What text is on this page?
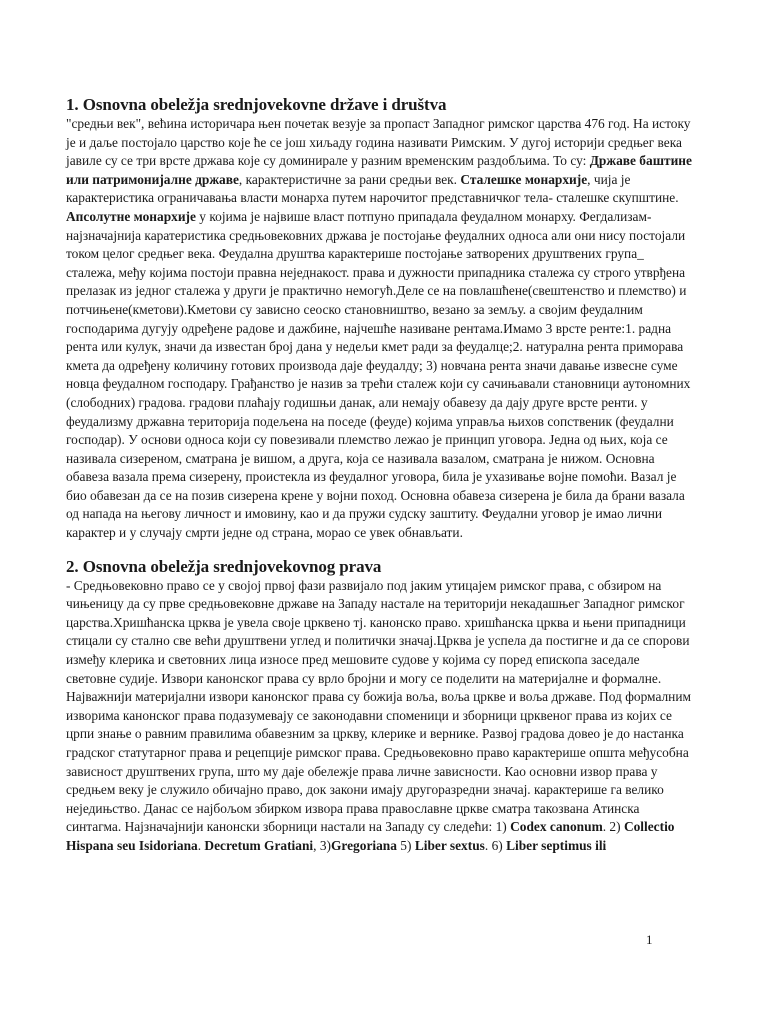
1. Osnovna obeležja srednjovekovne države i društva

"средњи век", већина историчара њен почетак везује за пропаст Западног римског царства 476 год. На истоку је и даље постојало царство које ће се још хиљаду година називати Римским. У дугој историји средњег века јавиле су се три врсте држава које су доминирале у разним временским раздобљима. То су: Државе баштине или патримонијалне државе, карактеристичне за рани средњи век. Сталешке монархије, чија је карактеристика ограничавања власти монарха путем нарочитог представничког тела- сталешке скупштине. Апсолутне монархије у којима је највише власт потпуно припадала феудалном монарху. Фегдализам- најзначајнија каратеристика средњовековних држава је постојање феудалних односа али они нису постојали током целог средњег века. Феудална друштва карактерише постојање затворених друштвених група_ сталежа, међу којима постоји правна неједнакост. права и дужности припадника сталежа су строго утврђена прелазак из једног сталежа у други је практично немогућ.Деле се на повлашћене(свештенство и племство) и потчињене(кметови).Кметови су зависно сеоско становништво, везано за земљу. а својим феудалним господарима дугују одређене радове и дажбине, најчешће називане рентама.Имамо 3 врсте ренте:1. радна рента или кулук, значи да известан број дана у недељи кмет ради за феудалце;2. натурална рента приморава кмета да одређену количину готових производа даје феудалду; 3) новчана рента значи давање извесне суме новца феудалном господару. Грађанство је назив за трећи сталеж који су сачињавали становници аутономних (слободних) градова. градови плаћају годишњи данак, али немају обавезу да дају друге врсте ренти. у феудализму државна територија подељена на поседе (феуде) којима управља њихов сопственик (феудални господар). У основи односа који су повезивали племство лежао је принцип уговора. Једна од њих, која се називала сизереном, сматрана је вишом, а друга, која се називала вазалом, сматрана је нижом. Основна обавеза вазала према сизерену, проистекла из феудалног уговора, била је ухазивање војне помоћи. Вазал је био обавезан да се на позив сизерена крене у војни поход. Основна обавеза сизерена је била да брани вазала од напада на његову личност и имовину, као и да пружи судску заштиту. Феудални уговор је имао лични карактер и у случају смрти једне од страна, морао се увек обнављати.

2. Osnovna obeležja srednjovekovnog prava

- Средњовековно право се у својој првој фази развијало под јаким утицајем римског права, с обзиром на чињеницу да су прве средњовековне државе на Западу настале на територији некадашњег Западног римског царства.Хришћанска црква је увела своје црквено тј. канонско право. хришћанска црква и њени припадници стицали су стално све већи друштвени углед и политички значај.Црква је успела да постигне и да се спорови између клерика и световних лица износе пред мешовите судове у којима су поред епископа заседале световне судије. Извори канонског права су врло бројни и могу се поделити на материјалне и формалне. Најважнији материјални извори канонског права су божија воља, воља цркве и воља државе. Под формалним изворима канонског права подазумевају се законодавни споменици и зборници црквеног права из којих се црпи знање о равним правилима обавезним за цркву, клерике и вернике. Развој градова довео је до настанка градског статутарног права и рецепције римског права. Средњовековно право карактерише општа међусобна зависност друштвених група, што му даје обележје права личне зависности. Као основни извор права у средњем веку је служило обичајно право, док закони имају другоразредни значај. карактерише га велико неједињство. Данас се најбољом збирком извора права православне цркве сматра такозвана Атинска синтагма. Најзначајнији канонски зборници настали на Западу су следећи: 1) Codex canonum. 2) Collectio Hispana seu Isidoriana. Decretum Gratiani, 3)Gregoriana 5) Liber sextus. 6) Liber septimus ili

1
